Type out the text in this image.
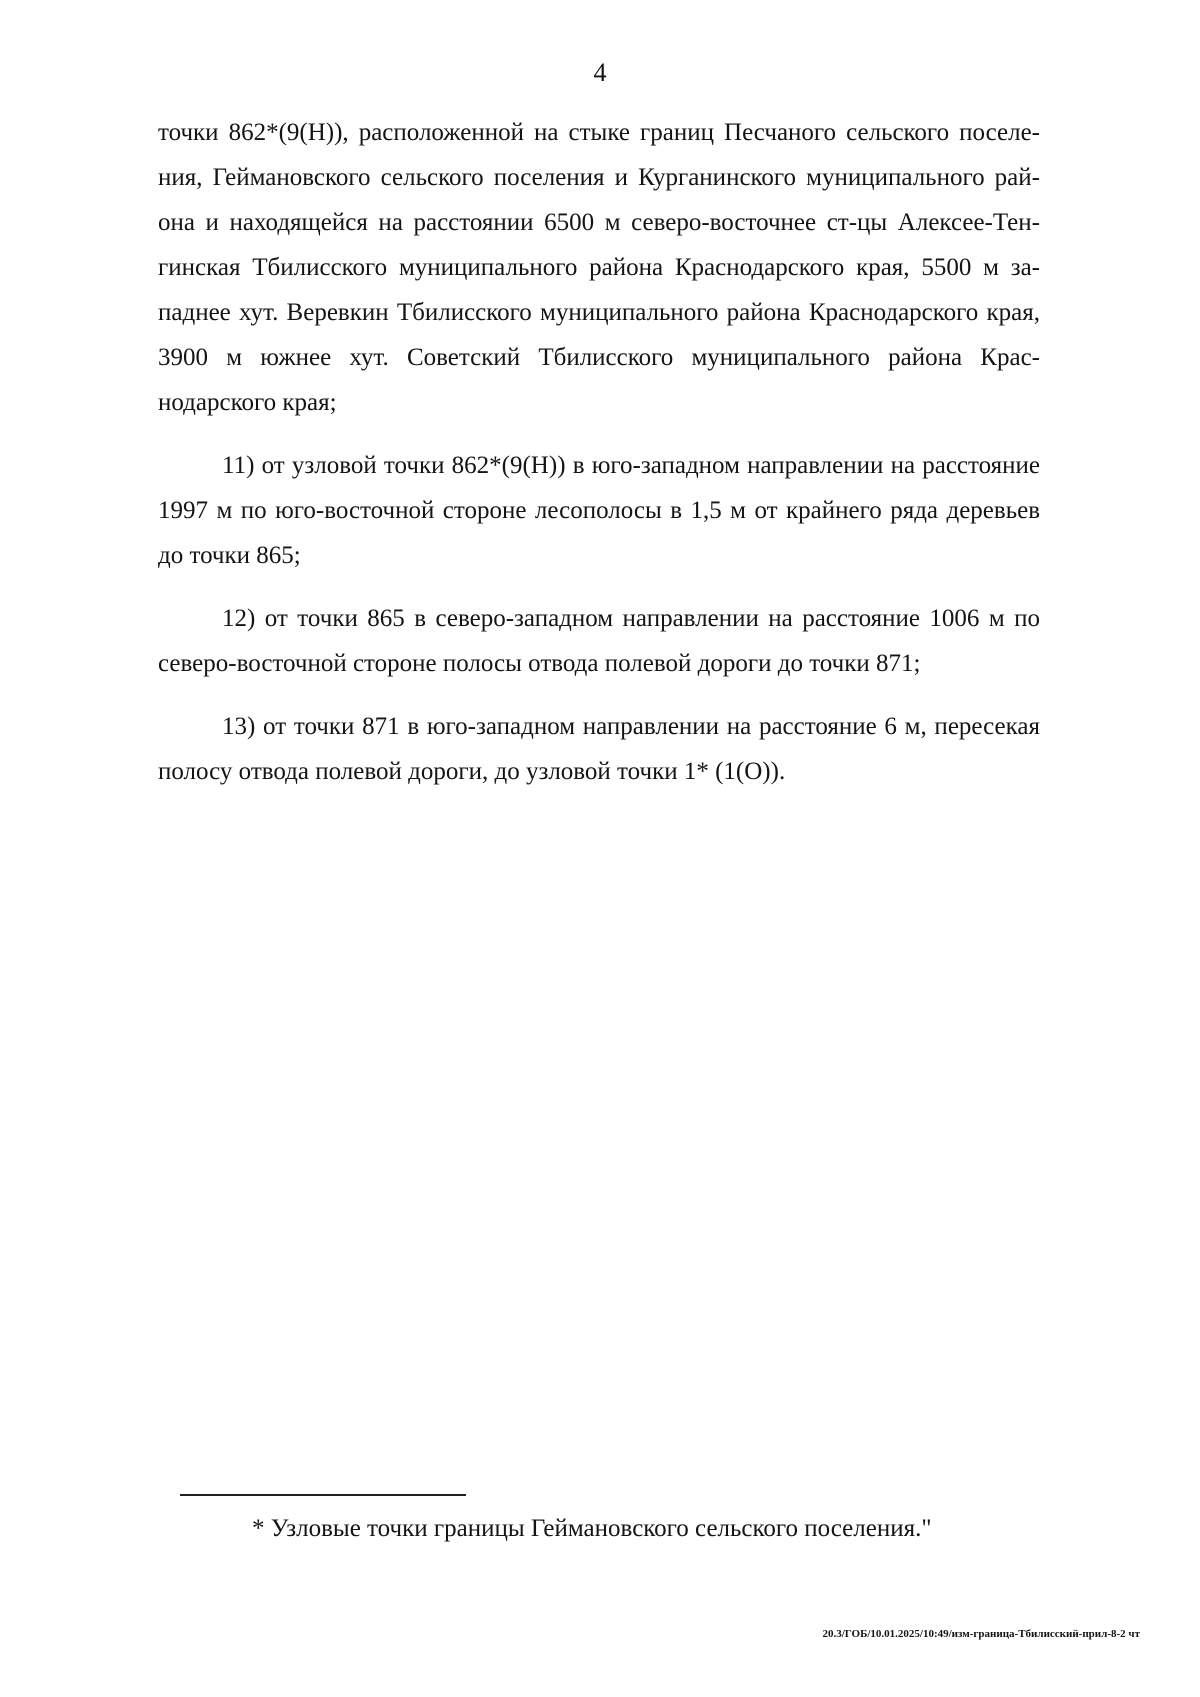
4

точки 862*(9(Н)), расположенной на стыке границ Песчаного сельского поселения, Геймановского сельского поселения и Курганинского муниципального района и находящейся на расстоянии 6500 м северо-восточнее ст-цы Алексее-Тенгинская Тбилисского муниципального района Краснодарского края, 5500 м западнее хут. Веревкин Тбилисского муниципального района Краснодарского края, 3900 м южнее хут. Советский Тбилисского муниципального района Краснодарского края;

11) от узловой точки 862*(9(Н)) в юго-западном направлении на расстояние 1997 м по юго-восточной стороне лесополосы в 1,5 м от крайнего ряда деревьев до точки 865;

12) от точки 865 в северо-западном направлении на расстояние 1006 м по северо-восточной стороне полосы отвода полевой дороги до точки 871;

13) от точки 871 в юго-западном направлении на расстояние 6 м, пересекая полосу отвода полевой дороги, до узловой точки 1* (1(О)).

* Узловые точки границы Геймановского сельского поселения."
20.3/ГОБ/10.01.2025/10:49/изм-граница-Тбилисский-прил-8-2 чт
